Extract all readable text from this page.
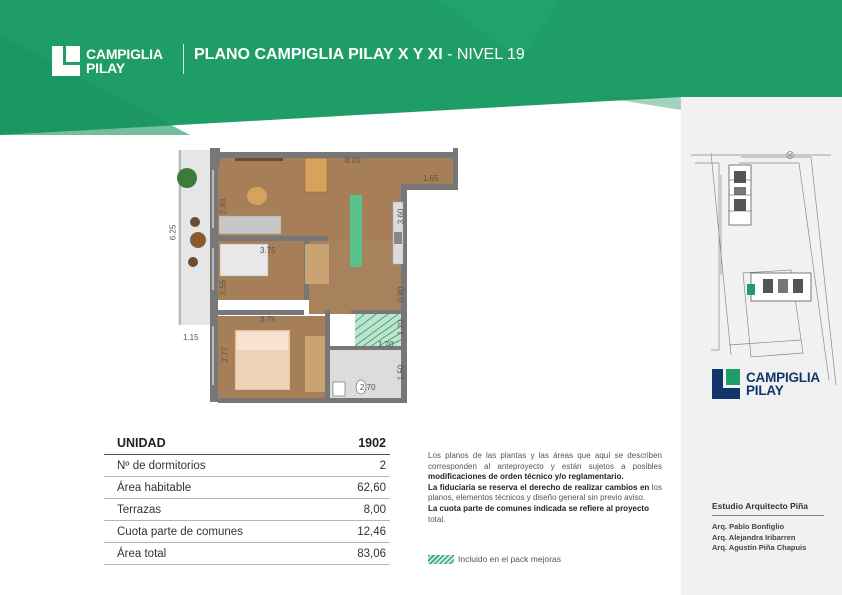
CAMPIGLIA
PILAY
PLANO CAMPIGLIA PILAY X Y XI - NIVEL 19
8.20
1.65
6.25
2.93
3.75
3.60
2.55	0.80
3.75
1.20
1.70
2.77
1.50
2.70
1.15
UNIDAD	1902
Nº de dormitorios	2
Área habitable	62,60
Terrazas	8,00
Cuota parte de comunes	12,46
Área total	83,06
Los planos de las plantas y las áreas que aquí se describen corresponden al anteproyecto y están sujetos a posibles modificaciones de orden técnico y/o reglamentario.
La fiduciaria se reserva el derecho de realizar cambios en los planos, elementos técnicos y diseño general sin previo aviso.
La cuota parte de comunes indicada se refiere al proyecto
total.
Incluido en el pack mejoras
CAMPIGLIA
PILAY
Estudio Arquitecto Piña
Arq. Pablo Bonfiglio
Arq. Alejandra Iribarren
Arq. Agustín Piña Chapuis
